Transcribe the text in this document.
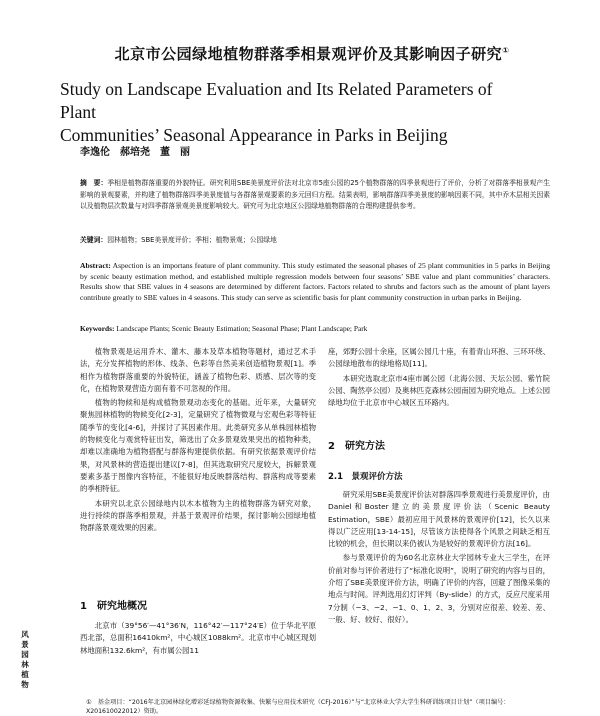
北京市公园绿地植物群落季相景观评价及其影响因子研究①
Study on Landscape Evaluation and Its Related Parameters of Plant
Communities’ Seasonal Appearance in Parks in Beijing
李逸伦　郝培尧　董　丽
摘　要：季相是植物群落重要的外貌特征。研究利用SBE美景度评价法对北京市5座公园的25个植物群落的四季景观进行了评价，分析了对群落季相景观产生影响的景观要素，并构建了植物群落四季美景度值与各群落景观要素的多元回归方程。结果表明，影响群落四季美景度的影响因素不同，其中乔木层相关因素以及植物层次数量与对四季群落景观美景度影响较大。研究可为北京地区公园绿地植物群落的合理构建提供参考。
关键词：园林植物；SBE美景度评价；季相；植物景观；公园绿地
Abstract: Aspection is an importans feature of plant community. This study estimated the seasonal phases of 25 plant communities in 5 parks in Beijing by scenic beauty estimation method, and established multiple regression models between four seasons’ SBE value and plant communities’ characters. Results show that SBE values in 4 seasons are determined by different factors. Factors related to shrubs and factors such as the amount of plant layers contribute greatly to SBE values in 4 seasons. This study can serve as scientific basis for plant community construction in urban parks in Beijing.
Keywords: Landscape Plants; Scenic Beauty Estimation; Seasonal Phase; Plant Landscape; Park

植物景观是运用乔木、灌木、藤本及草本植物等题材，通过艺术手法，充分发挥植物的形体、线条、色彩等自然美来创造植物景观[1]。季相作为植物群落重要的外貌特征，涵盖了植物色彩、质感、层次等的变化，在植物景观营造方面有着不可忽视的作用。

植物的物候和是构成植物景观动态变化的基础。近年来，大量研究聚焦园林植物的物候变化[2-3]，定量研究了植物微观与宏观色彩等特征随季节的变化[4-6]，并探讨了其因素作用。此类研究多从单株园林植物的物候变化与观赏特征出发，筛选出了众多景观效果突出的植物种类，却难以准确地为植物搭配与群落构建提供依据。有研究依据景观评价结果，对风景林的营造提出建议[7-8]，但其选取研究尺度较大，拆解景观要素多基于图像内容特征，不能很好地反映群落结构、群落构成等要素的季相特征。

本研究以北京公园绿地内以木本植物为主的植物群落为研究对象，进行持续的群落季相景观，并基于景观评价结果，探讨影响公园绿地植物群落景观效果的因素。

1　研究地概况

北京市（39°56′—41°36′N，116°42′—117°24′E）位于华北平原西北部，总面积16410km²，中心城区1088km²。北京市中心城区现划林地面积132.6km²，有市属公园11

座，郊野公园十余座，区属公园几十座，有着青山环抱、三环环绕、公园绿地散布的绿地格局[11]。

本研究选取北京市4座市属公园（北海公园、天坛公园、紫竹院公园、陶然亭公园）及奥林匹克森林公园南园为研究地点。上述公园绿地均位于北京市中心城区五环路内。

2　研究方法
2.1　景观评价方法

研究采用SBE美景度评价法对群落四季景观进行美景度评价，由Daniel和Boster建立的美景度评价法（Scenic Beauty Estimation，SBE）最初应用于风景林的景观评价[12]，长久以来得以广泛应用[13-14-15]，尽管该方法使得各个风景之间缺乏相互比较的机会，但长期以来仍被认为是较好的景观评价方法[16]。

参与景观评价的为60名北京林业大学园林专业大三学生，在评价前对参与评价者进行了“标准化说明”，说明了研究的内容与目的，介绍了SBE美景度评价方法，明确了评价的内容，回避了图像采集的地点与时间。评判选用幻灯评判（By-slide）的方式，反应尺度采用7分制（−3、−2、−1、0、1、2、3，分别对应很差、较差、差、一般、好、较好、很好）。

风景园林植物
①　基金项目：“2016年北京园林绿化增彩延绿植物资源收集、快繁与应用技术研究（CFJ-2016）”与“北京林业大学大学生科研训练项目计划”（项目编号：X201610022012）资助。
